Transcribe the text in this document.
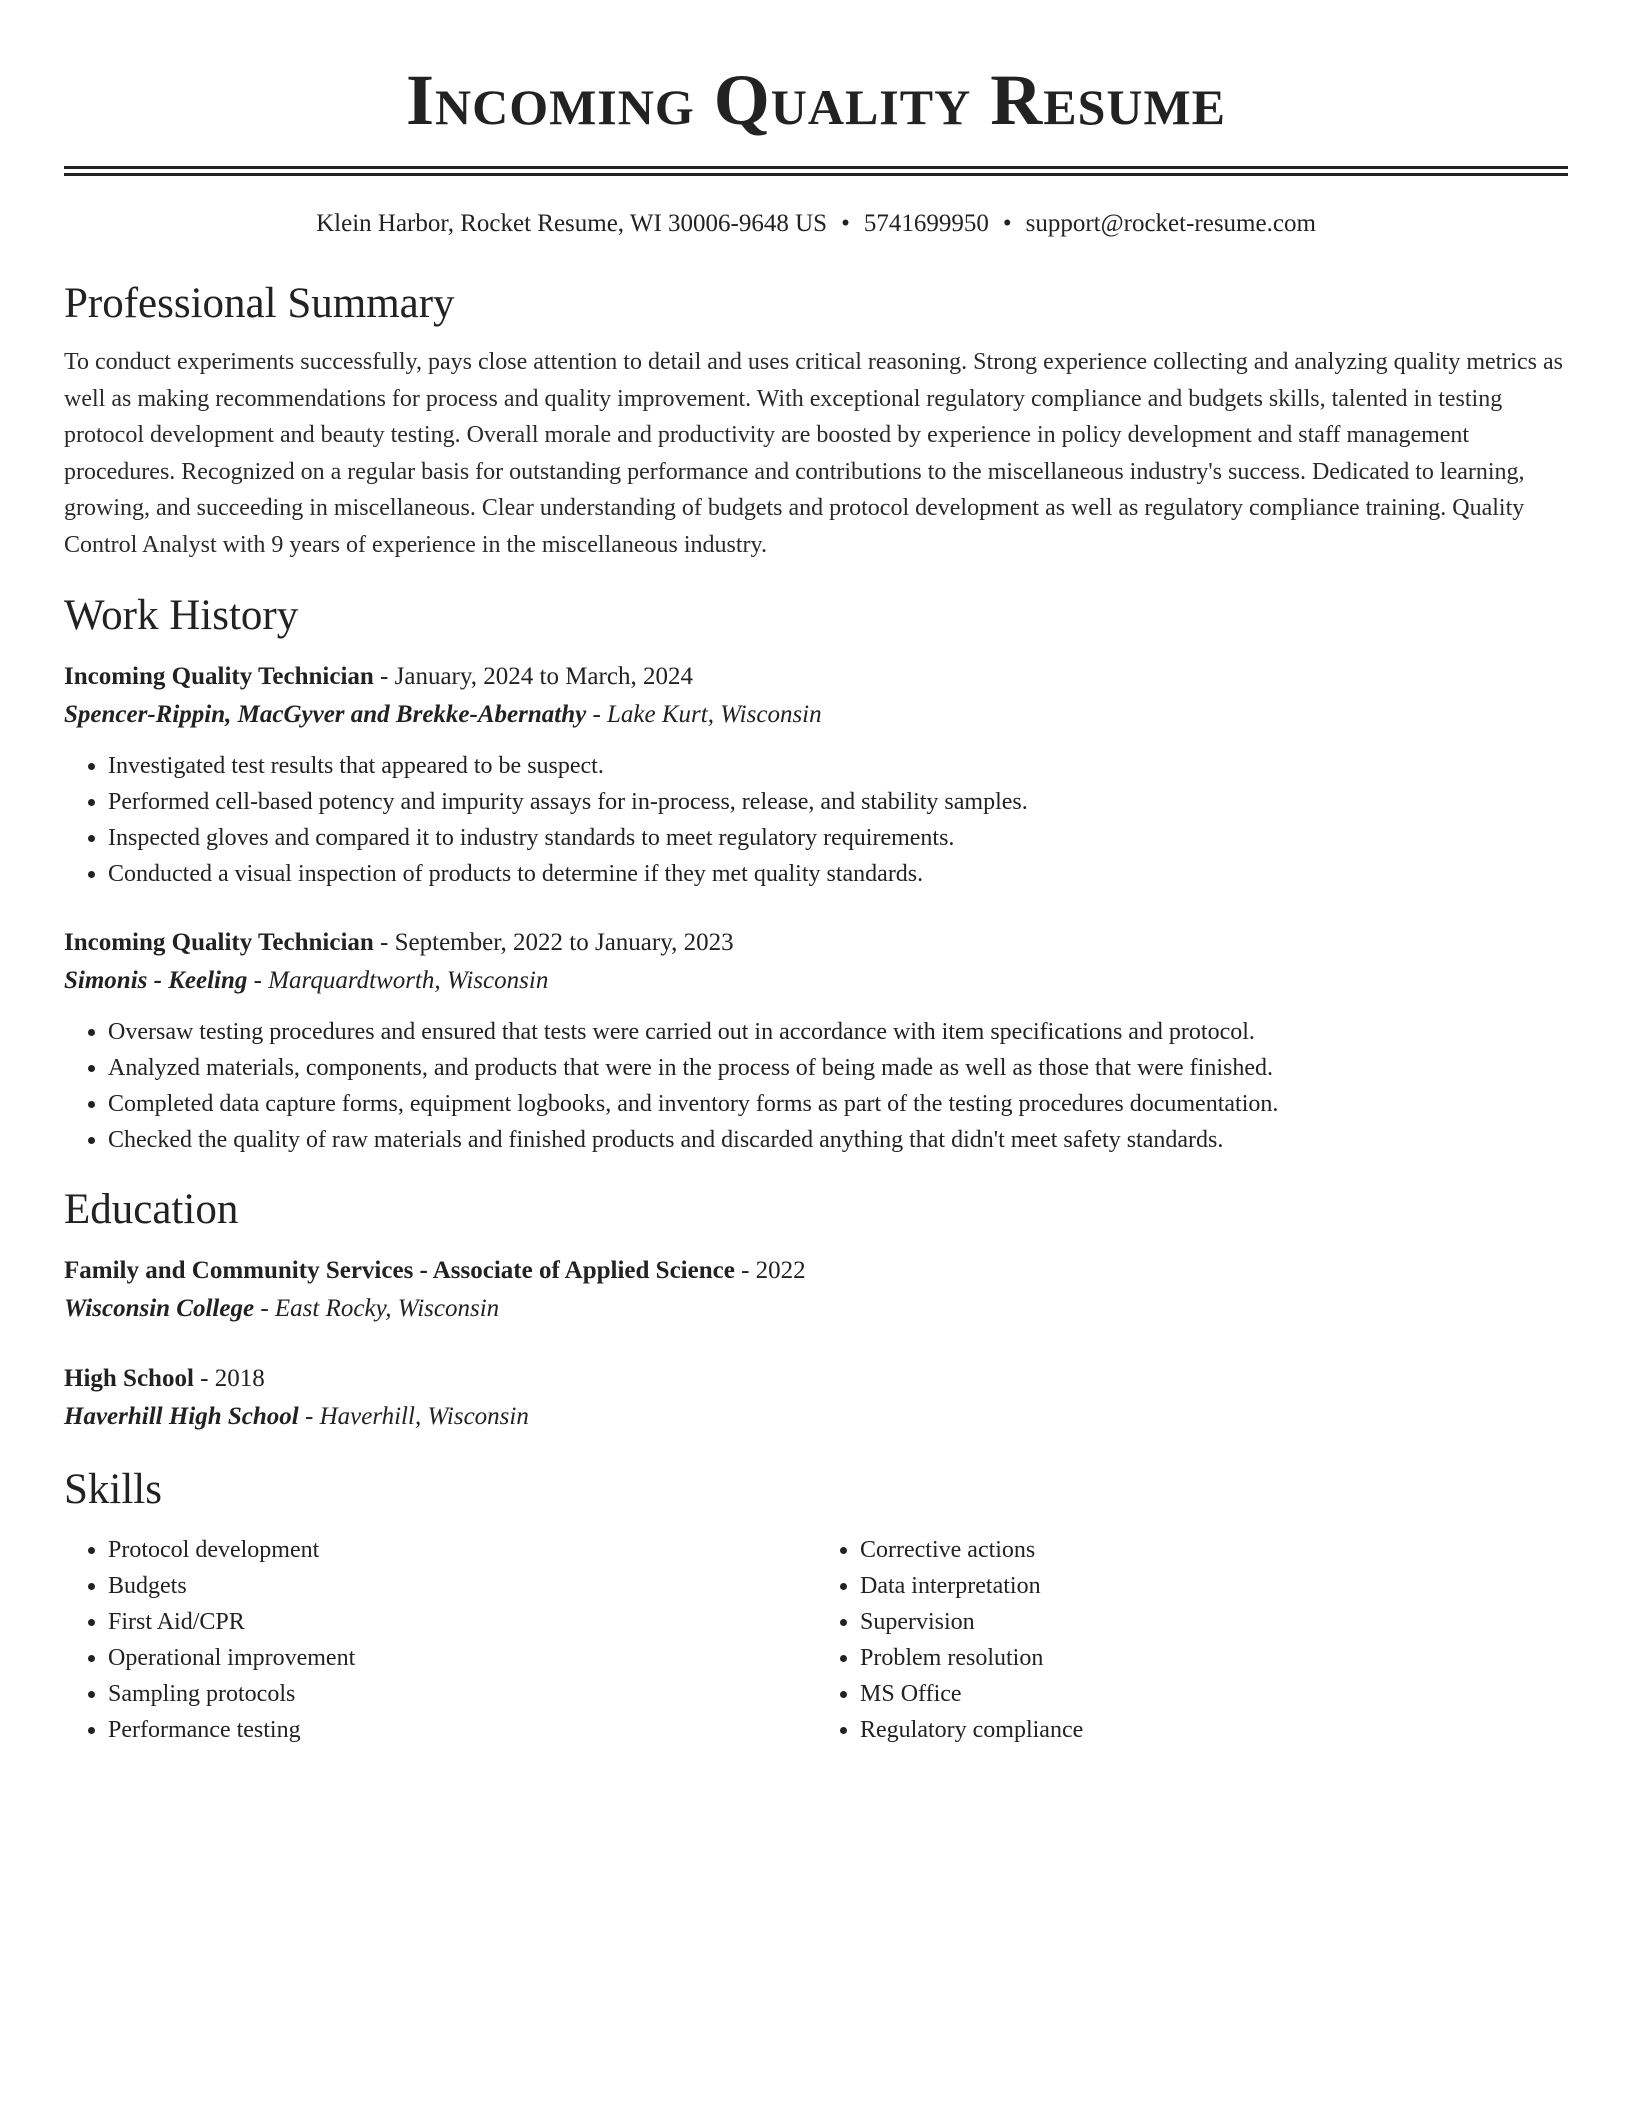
Incoming Quality Resume
Klein Harbor, Rocket Resume, WI 30006-9648 US • 5741699950 • support@rocket-resume.com
Professional Summary

To conduct experiments successfully, pays close attention to detail and uses critical reasoning. Strong experience collecting and analyzing quality metrics as well as making recommendations for process and quality improvement. With exceptional regulatory compliance and budgets skills, talented in testing protocol development and beauty testing. Overall morale and productivity are boosted by experience in policy development and staff management procedures. Recognized on a regular basis for outstanding performance and contributions to the miscellaneous industry's success. Dedicated to learning, growing, and succeeding in miscellaneous. Clear understanding of budgets and protocol development as well as regulatory compliance training. Quality Control Analyst with 9 years of experience in the miscellaneous industry.

Work History

Incoming Quality Technician - January, 2024 to March, 2024

Spencer-Rippin, MacGyver and Brekke-Abernathy - Lake Kurt, Wisconsin

• Investigated test results that appeared to be suspect.
• Performed cell-based potency and impurity assays for in-process, release, and stability samples.
• Inspected gloves and compared it to industry standards to meet regulatory requirements.
• Conducted a visual inspection of products to determine if they met quality standards.

Incoming Quality Technician - September, 2022 to January, 2023

Simonis - Keeling - Marquardtworth, Wisconsin

• Oversaw testing procedures and ensured that tests were carried out in accordance with item specifications and protocol.
• Analyzed materials, components, and products that were in the process of being made as well as those that were finished.
• Completed data capture forms, equipment logbooks, and inventory forms as part of the testing procedures documentation.
• Checked the quality of raw materials and finished products and discarded anything that didn't meet safety standards.
Education

Family and Community Services - Associate of Applied Science - 2022

Wisconsin College - East Rocky, Wisconsin

High School - 2018

Haverhill High School - Haverhill, Wisconsin

Skills
• Protocol development
• Budgets
• First Aid/CPR
• Operational improvement
• Sampling protocols
• Performance testing
• Corrective actions
• Data interpretation
• Supervision
• Problem resolution
• MS Office
• Regulatory compliance
